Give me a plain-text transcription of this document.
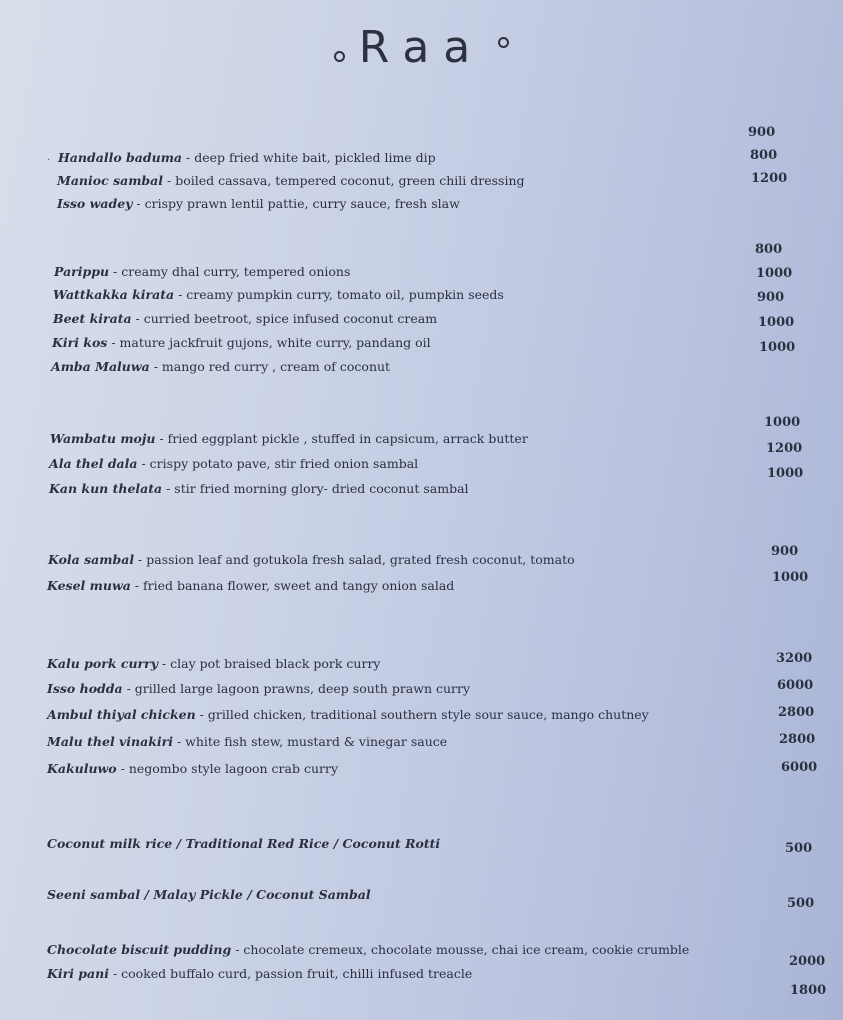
Raa
· Handallo baduma - deep fried white bait, pickled lime dip
Manioc sambal - boiled cassava, tempered coconut, green chili dressing
Isso wadey - crispy prawn lentil pattie, curry sauce, fresh slaw
900
800
1200
Parippu - creamy dhal curry, tempered onions
Wattkakka kirata - creamy pumpkin curry, tomato oil, pumpkin seeds
Beet kirata - curried beetroot, spice infused coconut cream
Kiri kos - mature jackfruit gujons, white curry, pandang oil
Amba Maluwa - mango red curry , cream of coconut
800
1000
900
1000
1000
Wambatu moju - fried eggplant pickle , stuffed in capsicum, arrack butter
Ala thel dala - crispy potato pave, stir fried onion sambal
Kan kun thelata - stir fried morning glory- dried coconut sambal
1000
1200
1000
Kola sambal - passion leaf and gotukola fresh salad, grated fresh coconut, tomato
Kesel muwa - fried banana flower, sweet and tangy onion salad
900
1000
Kalu pork curry - clay pot braised black pork curry
Isso hodda - grilled large lagoon prawns, deep south prawn curry
Ambul thiyal chicken - grilled chicken, traditional southern style sour sauce, mango chutney
Malu thel vinakiri - white fish stew, mustard & vinegar sauce
Kakuluwo - negombo style lagoon crab curry
3200
6000
2800
2800
6000
Coconut milk rice / Traditional Red Rice / Coconut Rotti	500
Seeni sambal / Malay Pickle / Coconut Sambal
500
Chocolate biscuit pudding - chocolate cremeux, chocolate mousse, chai ice cream, cookie crumble
Kiri pani - cooked buffalo curd, passion fruit, chilli infused treacle
2000
1800
